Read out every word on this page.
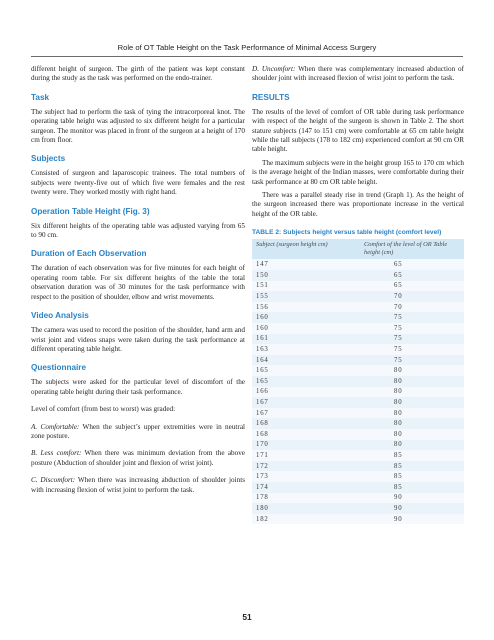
Role of OT Table Height on the Task Performance of Minimal Access Surgery

different height of surgeon. The girth of the patient was kept constant during the study as the task was performed on the endo-trainer.

Task

The subject had to perform the task of tying the intracorporeal knot. The operating table height was adjusted to six different height for a particular surgeon. The monitor was placed in front of the surgeon at a height of 170 cm from floor.

Subjects

Consisted of surgeon and laparoscopic trainees. The total numbers of subjects were twenty-five out of which five were females and the rest twenty were. They worked mostly with right hand.

Operation Table Height (Fig. 3)

Six different heights of the operating table was adjusted varying from 65 to 90 cm.

Duration of Each Observation

The duration of each observation was for five minutes for each height of operating room table. For six different heights of the table the total observation duration was of 30 minutes for the task performance with respect to the position of shoulder, elbow and wrist movements.

Video Analysis

The camera was used to record the position of the shoulder, hand arm and wrist joint and videos snaps were taken during the task performance at different operating table height.

Questionnaire

The subjects were asked for the particular level of discomfort of the operating table height during their task performance.

Level of comfort (from best to worst) was graded:

A. Comfortable: When the subject’s upper extremities were in neutral zone posture.

B. Less comfort: When there was minimum deviation from the above posture (Abduction of shoulder joint and flexion of wrist joint).

C. Discomfort: When there was increasing abduction of shoulder joints with increasing flexion of wrist joint to perform the task.

D. Uncomfort: When there was complementary increased abduction of shoulder joint with increased flexion of wrist joint to perform the task.

RESULTS

The results of the level of comfort of OR table during task performance with respect of the height of the surgeon is shown in Table 2. The short stature subjects (147 to 151 cm) were comfortable at 65 cm table height while the tall subjects (178 to 182 cm) experienced comfort at 90 cm OR table height.

The maximum subjects were in the height group 165 to 170 cm which is the average height of the Indian masses, were comfortable during their task performance at 80 cm OR table height.

There was a parallel steady rise in trend (Graph 1). As the height of the surgeon increased there was proportionate increase in the vertical height of the OR table.

TABLE 2: Subjects height versus table height (comfort level)
Subject (surgeon height cm)	Comfort of the level of OR Table height (cm)
147	65
150	65
151	65
155	70
156	70
160	75
160	75
161	75
163	75
164	75
165	80
165	80
166	80
167	80
167	80
168	80
168	80
170	80
171	85
172	85
173	85
174	85
178	90
180	90
182	90
51
